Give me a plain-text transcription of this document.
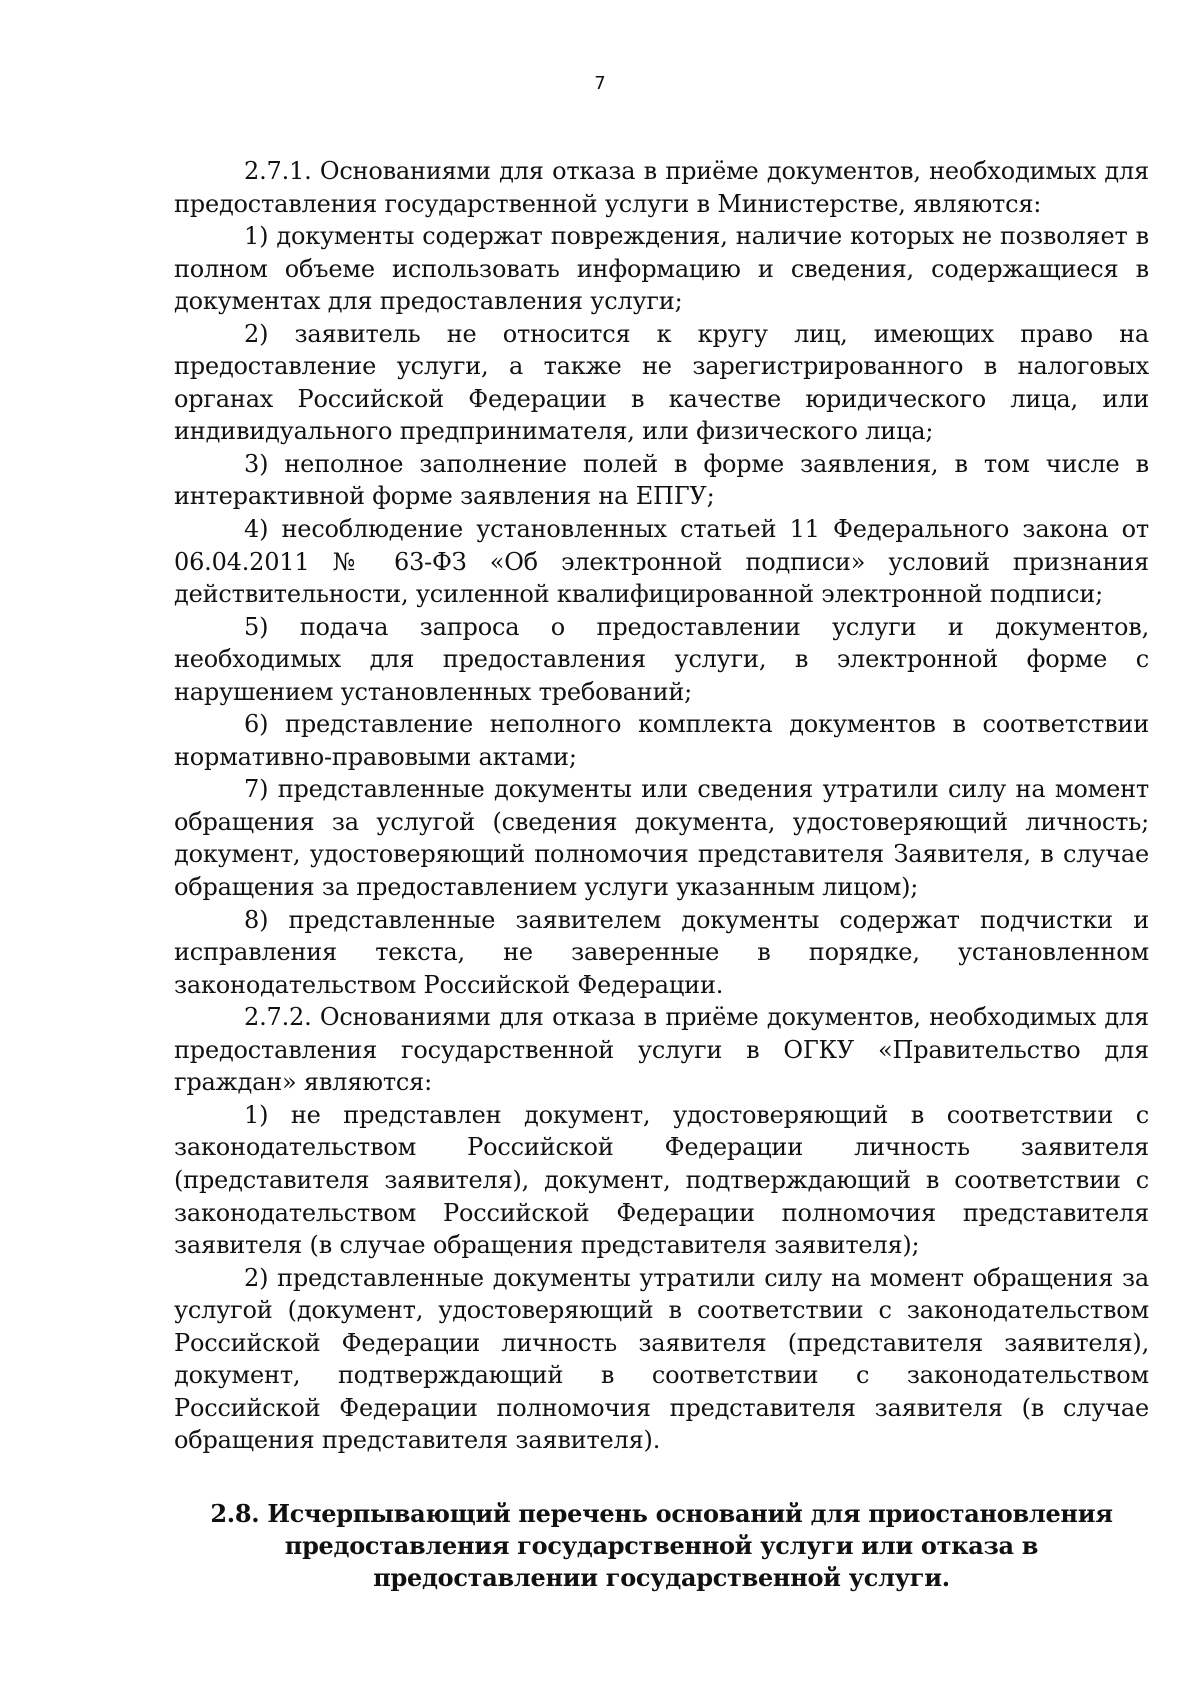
7

2.7.1. Основаниями для отказа в приёме документов, необходимых для предоставления государственной услуги в Министерстве, являются:

1) документы содержат повреждения, наличие которых не позволяет в полном объеме использовать информацию и сведения, содержащиеся в документах для предоставления услуги;

2) заявитель не относится к кругу лиц, имеющих право на предоставление услуги, а также не зарегистрированного в налоговых органах Российской Федерации в качестве юридического лица, или индивидуального предпринимателя, или физического лица;

3) неполное заполнение полей в форме заявления, в том числе в интерактивной форме заявления на ЕПГУ;

4) несоблюдение установленных статьей 11 Федерального закона от 06.04.2011 № 63-ФЗ «Об электронной подписи» условий признания действительности, усиленной квалифицированной электронной подписи;

5) подача запроса о предоставлении услуги и документов, необходимых для предоставления услуги, в электронной форме с нарушением установленных требований;

6) представление неполного комплекта документов в соответствии нормативно-правовыми актами;

7) представленные документы или сведения утратили силу на момент обращения за услугой (сведения документа, удостоверяющий личность; документ, удостоверяющий полномочия представителя Заявителя, в случае обращения за предоставлением услуги указанным лицом);

8) представленные заявителем документы содержат подчистки и исправления текста, не заверенные в порядке, установленном законодательством Российской Федерации.

2.7.2. Основаниями для отказа в приёме документов, необходимых для предоставления государственной услуги в ОГКУ «Правительство для граждан» являются:

1) не представлен документ, удостоверяющий в соответствии с законодательством Российской Федерации личность заявителя (представителя заявителя), документ, подтверждающий в соответствии с законодательством Российской Федерации полномочия представителя заявителя (в случае обращения представителя заявителя);

2) представленные документы утратили силу на момент обращения за услугой (документ, удостоверяющий в соответствии с законодательством Российской Федерации личность заявителя (представителя заявителя), документ, подтверждающий в соответствии с законодательством Российской Федерации полномочия представителя заявителя (в случае обращения представителя заявителя).

2.8. Исчерпывающий перечень оснований для приостановления предоставления государственной услуги или отказа в предоставлении государственной услуги.
